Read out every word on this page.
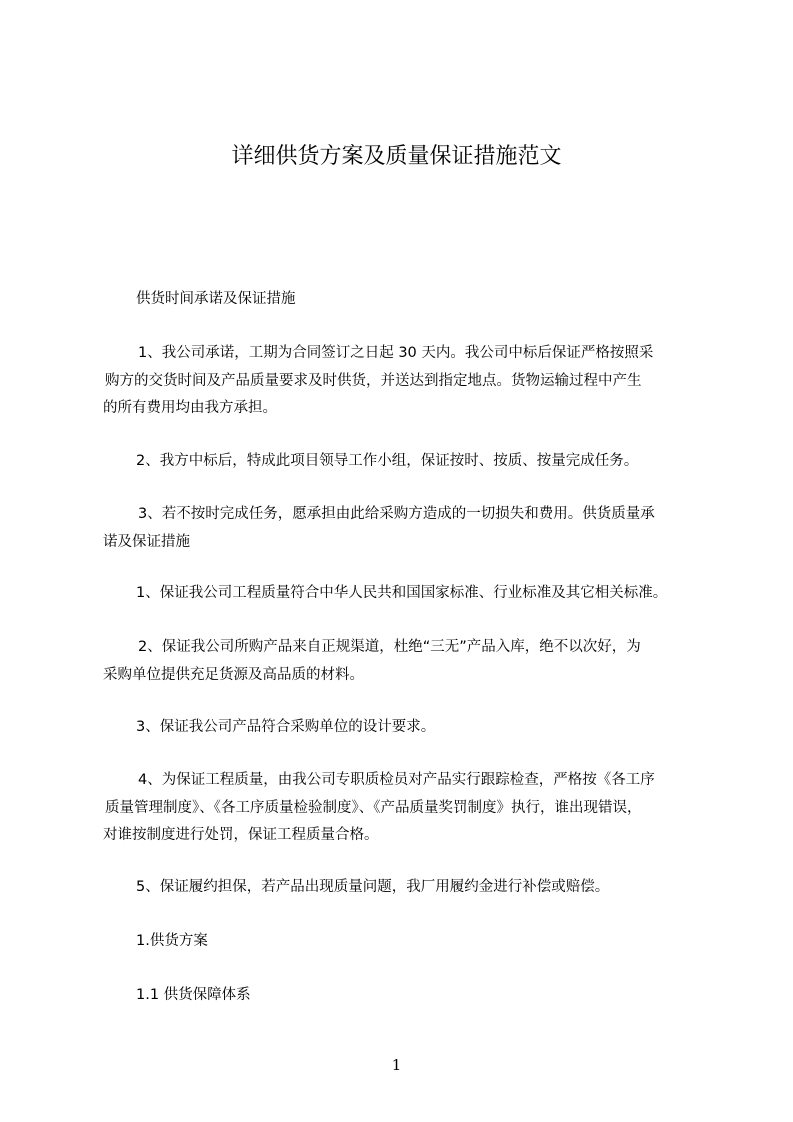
详细供货方案及质量保证措施范文
供货时间承诺及保证措施
1、我公司承诺，工期为合同签订之日起 30 天内。我公司中标后保证严格按照采
购方的交货时间及产品质量要求及时供货，并送达到指定地点。货物运输过程中产生
的所有费用均由我方承担。
2、我方中标后，特成此项目领导工作小组，保证按时、按质、按量完成任务。
3、若不按时完成任务，愿承担由此给采购方造成的一切损失和费用。供货质量承
诺及保证措施
1、保证我公司工程质量符合中华人民共和国国家标准、行业标准及其它相关标准。
2、保证我公司所购产品来自正规渠道，杜绝“三无”产品入库，绝不以次好，为
采购单位提供充足货源及高品质的材料。
3、保证我公司产品符合采购单位的设计要求。
4、为保证工程质量，由我公司专职质检员对产品实行跟踪检查，严格按《各工序
质量管理制度》、《各工序质量检验制度》、《产品质量奖罚制度》执行，谁出现错误，
对谁按制度进行处罚，保证工程质量合格。
5、保证履约担保，若产品出现质量问题，我厂用履约金进行补偿或赔偿。
1.供货方案
1.1 供货保障体系
1
